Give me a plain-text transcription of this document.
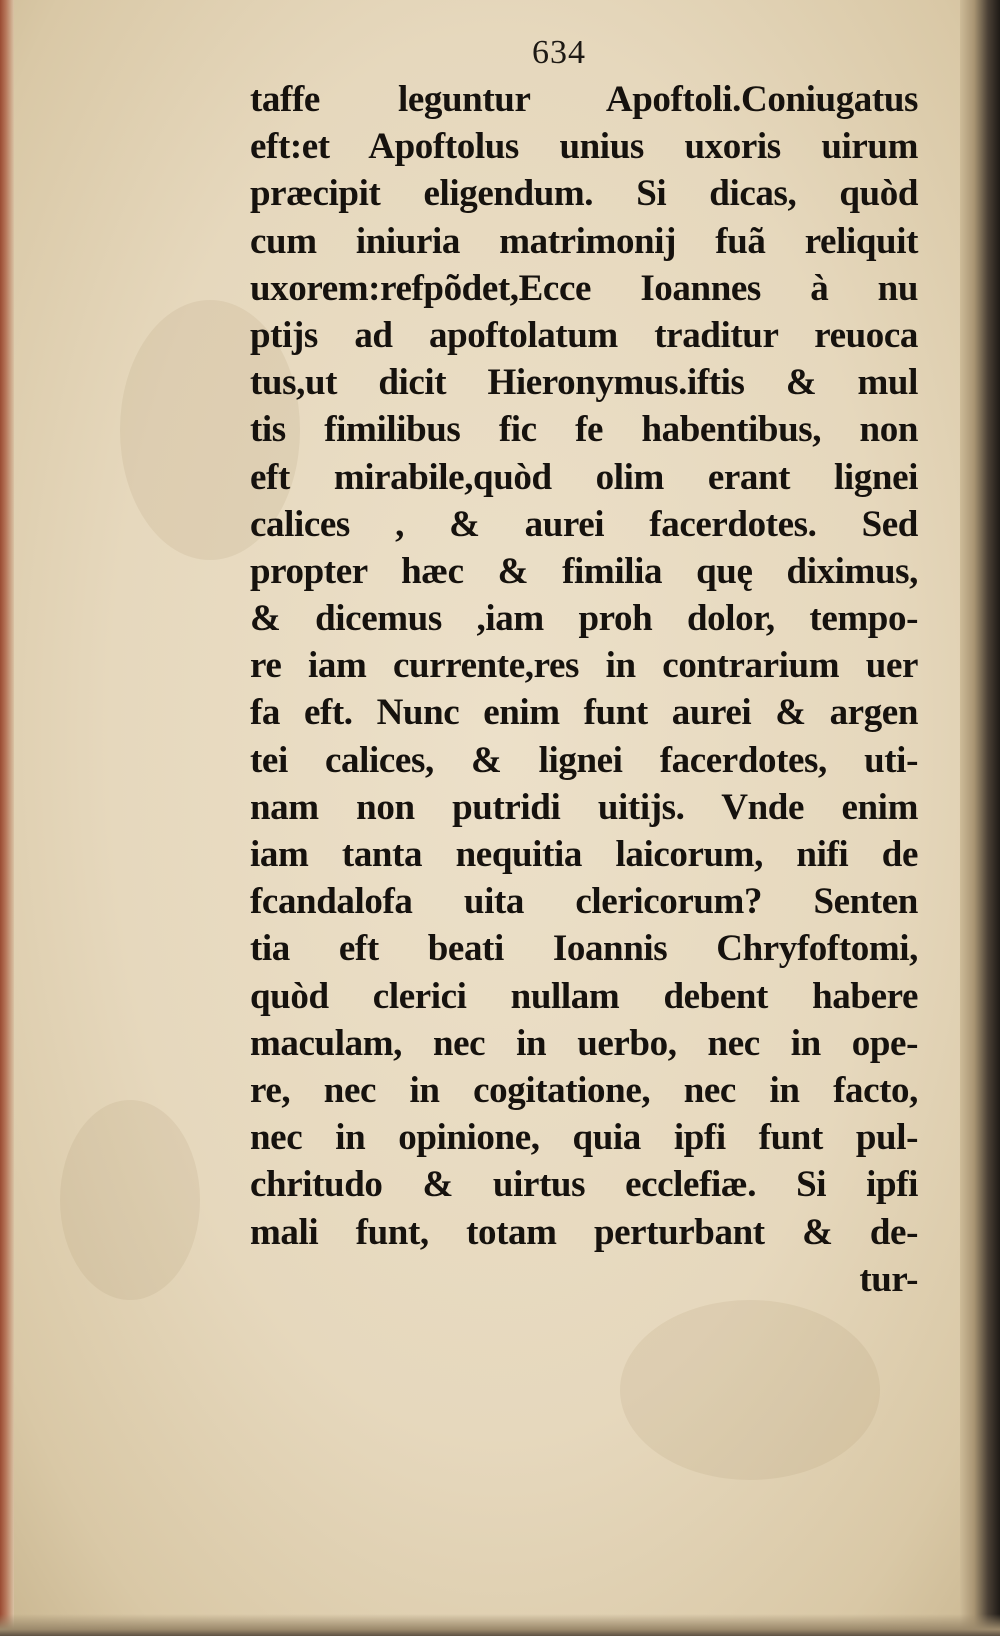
634
taffe leguntur Apoftoli.Coniugatus
eft:et Apoftolus unius uxoris uirum
præcipit eligendum. Si dicas, quòd
cum iniuria matrimonij fuã reliquit
uxorem:refpõdet,Ecce Ioannes à nu
ptijs ad apoftolatum traditur reuoca
tus,ut dicit Hieronymus.iftis & mul
tis fimilibus fic fe habentibus, non
eft mirabile,quòd olim erant lignei
calices , & aurei facerdotes. Sed
propter hæc & fimilia quę diximus,
& dicemus ,iam proh dolor, tempo-
re iam currente,res in contrarium uer
fa eft. Nunc enim funt aurei & argen
tei calices, & lignei facerdotes, uti-
nam non putridi uitijs. Vnde enim
iam tanta nequitia laicorum, nifi de
fcandalofa uita clericorum? Senten
tia eft beati Ioannis Chryfoftomi,
quòd clerici nullam debent habere
maculam, nec in uerbo, nec in ope-
re, nec in cogitatione, nec in facto,
nec in opinione, quia ipfi funt pul-
chritudo & uirtus ecclefiæ. Si ipfi
mali funt, totam perturbant & de-
tur-
